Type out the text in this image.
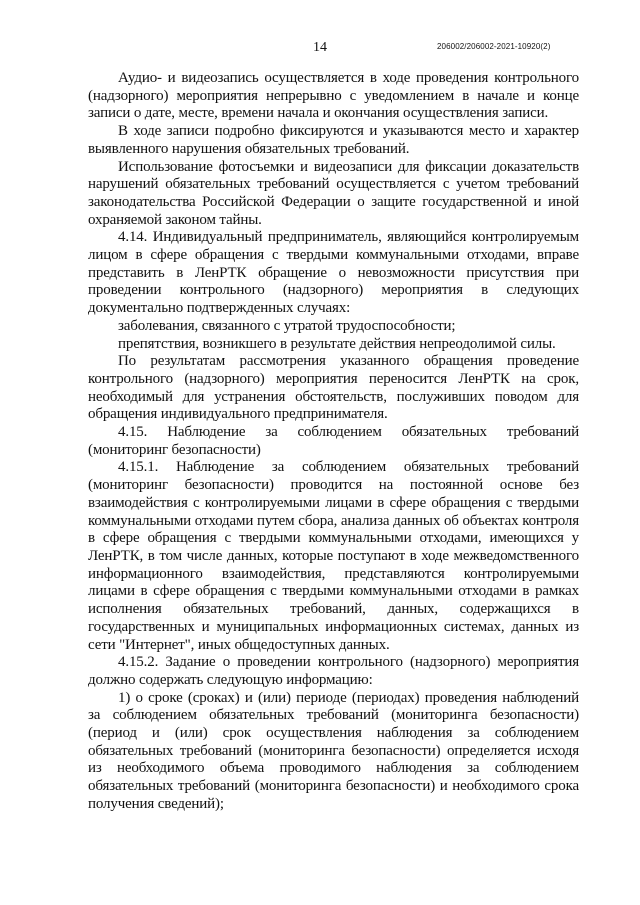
14	206002/206002-2021-10920(2)

Аудио- и видеозапись осуществляется в ходе проведения контрольного (надзорного) мероприятия непрерывно с уведомлением в начале и конце записи о дате, месте, времени начала и окончания осуществления записи.

В ходе записи подробно фиксируются и указываются место и характер выявленного нарушения обязательных требований.

Использование фотосъемки и видеозаписи для фиксации доказательств нарушений обязательных требований осуществляется с учетом требований законодательства Российской Федерации о защите государственной и иной охраняемой законом тайны.

4.14. Индивидуальный предприниматель, являющийся контролируемым лицом в сфере обращения с твердыми коммунальными отходами, вправе представить в ЛенРТК обращение о невозможности присутствия при проведении контрольного (надзорного) мероприятия в следующих документально подтвержденных случаях:

заболевания, связанного с утратой трудоспособности;

препятствия, возникшего в результате действия непреодолимой силы.

По результатам рассмотрения указанного обращения проведение контрольного (надзорного) мероприятия переносится ЛенРТК на срок, необходимый для устранения обстоятельств, послуживших поводом для обращения индивидуального предпринимателя.

4.15. Наблюдение за соблюдением обязательных требований (мониторинг безопасности)

4.15.1. Наблюдение за соблюдением обязательных требований (мониторинг безопасности) проводится на постоянной основе без взаимодействия с контролируемыми лицами в сфере обращения с твердыми коммунальными отходами путем сбора, анализа данных об объектах контроля в сфере обращения с твердыми коммунальными отходами, имеющихся у ЛенРТК, в том числе данных, которые поступают в ходе межведомственного информационного взаимодействия, представляются контролируемыми лицами в сфере обращения с твердыми коммунальными отходами в рамках исполнения обязательных требований, данных, содержащихся в государственных и муниципальных информационных системах, данных из сети "Интернет", иных общедоступных данных.

4.15.2. Задание о проведении контрольного (надзорного) мероприятия должно содержать следующую информацию:

1) о сроке (сроках) и (или) периоде (периодах) проведения наблюдений за соблюдением обязательных требований (мониторинга безопасности) (период и (или) срок осуществления наблюдения за соблюдением обязательных требований (мониторинга безопасности) определяется исходя из необходимого объема проводимого наблюдения за соблюдением обязательных требований (мониторинга безопасности) и необходимого срока получения сведений);
